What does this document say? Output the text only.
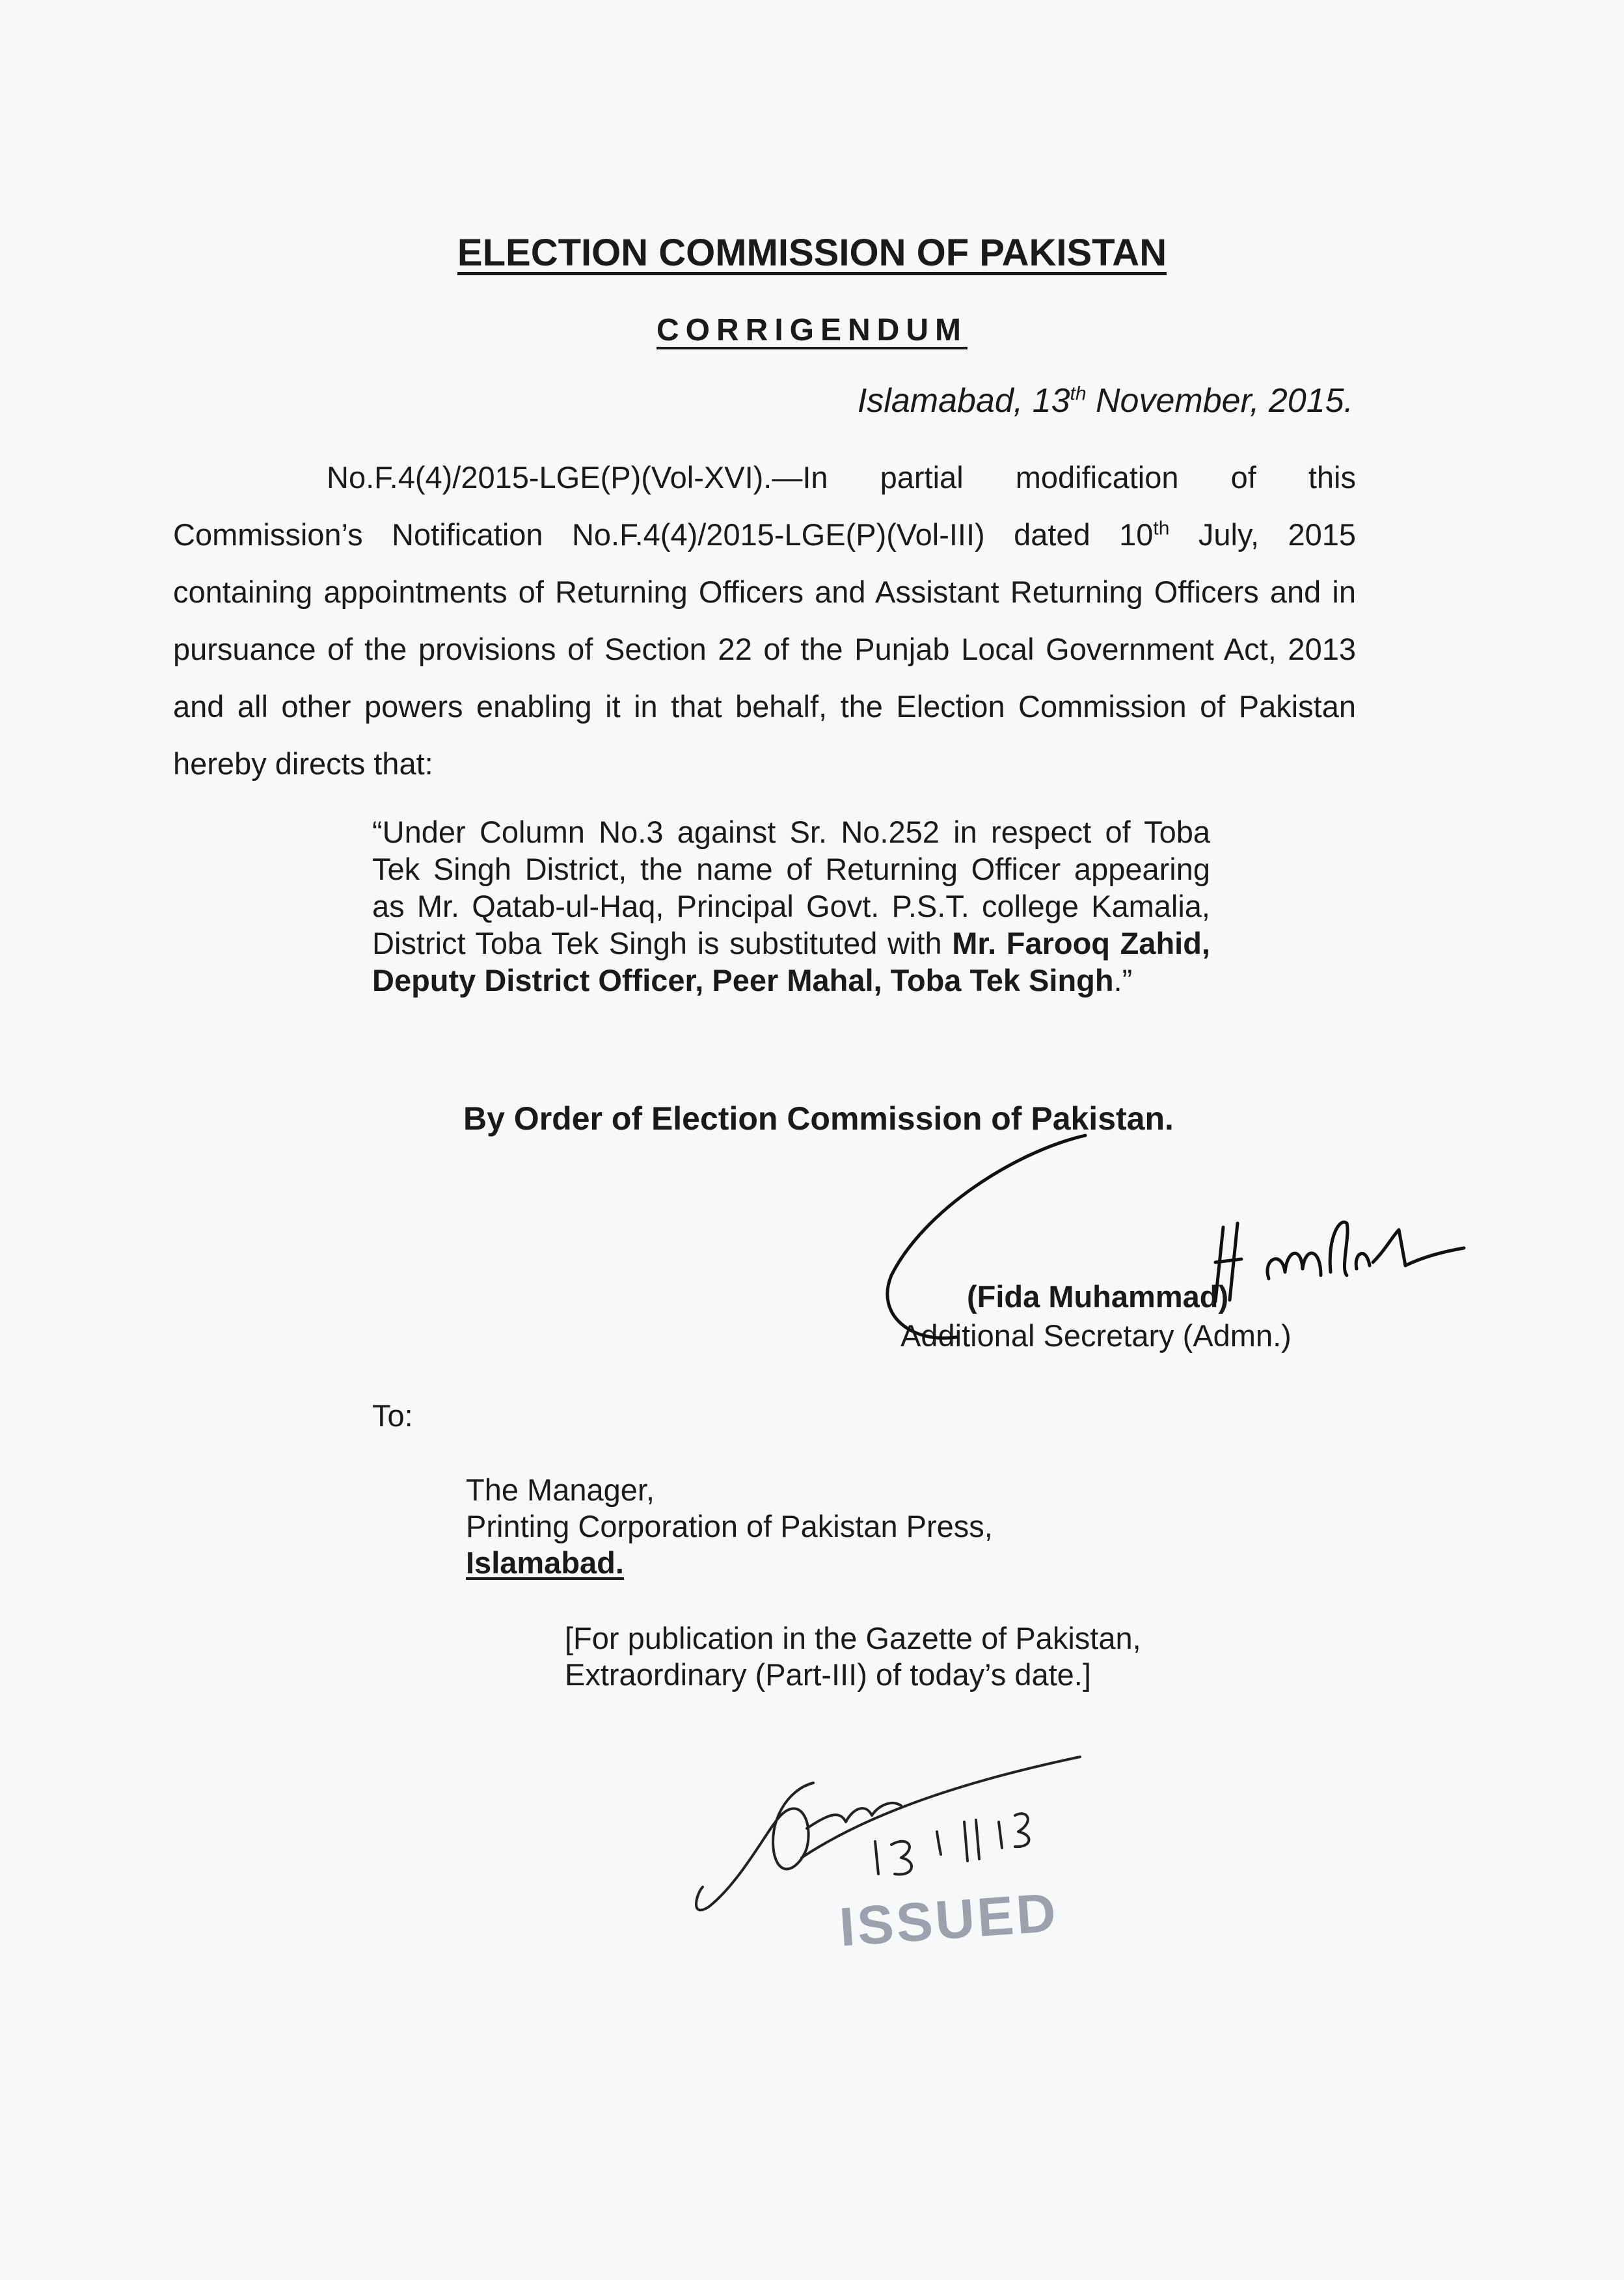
ELECTION COMMISSION OF PAKISTAN
CORRIGENDUM
Islamabad, 13th November, 2015.
No.F.4(4)/2015-LGE(P)(Vol-XVI).—In partial modification of this Commission’s Notification No.F.4(4)/2015-LGE(P)(Vol-III) dated 10th July, 2015 containing appointments of Returning Officers and Assistant Returning Officers and in pursuance of the provisions of Section 22 of the Punjab Local Government Act, 2013 and all other powers enabling it in that behalf, the Election Commission of Pakistan hereby directs that:
“Under Column No.3 against Sr. No.252 in respect of Toba Tek Singh District, the name of Returning Officer appearing as Mr. Qatab-ul-Haq, Principal Govt. P.S.T. college Kamalia, District Toba Tek Singh is substituted with Mr. Farooq Zahid, Deputy District Officer, Peer Mahal, Toba Tek Singh.”
By Order of Election Commission of Pakistan.
(Fida Muhammad)
Additional Secretary (Admn.)
To:
The Manager,
Printing Corporation of Pakistan Press,
Islamabad.
[For publication in the Gazette of Pakistan,
Extraordinary (Part-III) of today’s date.]
ISSUED
